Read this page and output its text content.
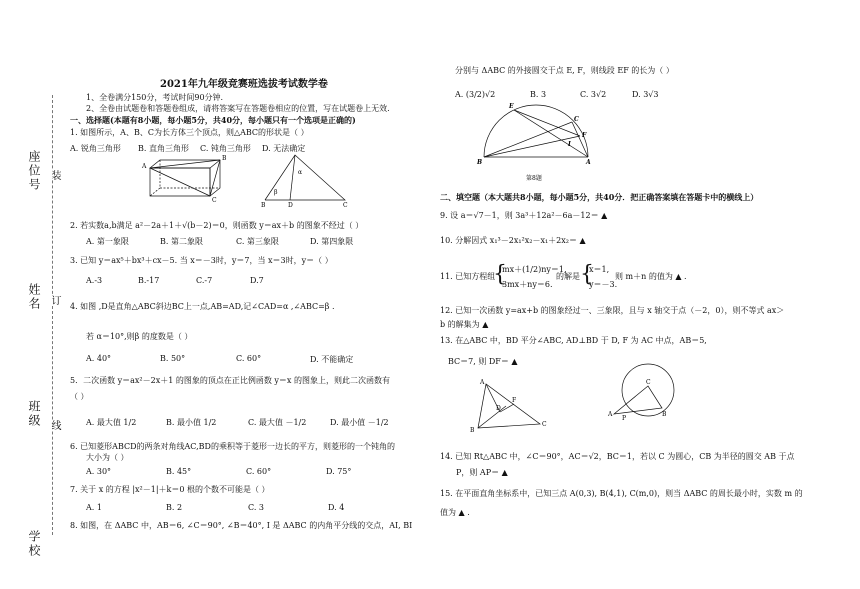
座位号
姓名
班级
学校
装
订
线
2021年九年级竞赛班选拔考试数学卷
1、全卷满分150分，考试时间90分钟.
2、全卷由试题卷和答题卷组成，请将答案写在答题卷相应的位置，写在试题卷上无效.
一、选择题(本题有8小题，每小题5分，共40分，每小题只有一个选项是正确的)
1. 如图所示，A、B、C为长方体三个顶点，则△ABC的形状是（ ）
A. 锐角三角形 B. 直角三角形 C. 钝角三角形 D. 无法确定
A
B
C
α
β
B	D	C
2. 若实数a,b满足 a²－2a＋1＋√(b－2)＝0，则函数 y＝ax＋b 的图象不经过（ ）
A. 第一象限	B. 第二象限	C. 第三象限	D. 第四象限
3. 已知 y＝ax⁵＋bx³＋cx－5. 当 x＝－3时，y＝7，当 x＝3时，y＝（ ）
A.-3	B.-17	C.-7	D.7
4. 如图 ,D是直角△ABC斜边BC上一点,AB=AD,记∠CAD=α ,∠ABC=β .
若 α＝10°,则β 的度数是（ ）
A. 40°	B. 50°	C. 60°	D. 不能确定
5．二次函数 y＝ax²－2x＋1 的图象的顶点在正比例函数 y＝x 的图象上，则此二次函数有
（ ）
A. 最大值 1/2	B. 最小值 1/2	C. 最大值 －1/2	D. 最小值 －1/2
6. 已知菱形ABCD的两条对角线AC,BD的乘积等于菱形一边长的平方，则菱形的一个钝角的
大小为（ ）
A. 30°	B. 45°	C. 60°	D. 75°
7. 关于 x 的方程 |x²－1|＋k＝0 根的个数不可能是（ ）
A. 1	B. 2	C. 3	D. 4
8. 如图，在 ΔABC 中，AB＝6, ∠C＝90°, ∠B＝40°, I 是 ΔABC 的内角平分线的交点，AI, BI
分别与 ΔABC 的外接圆交于点 E, F，则线段 EF 的长为（ ）
A. (3/2)√2	B. 3	C. 3√2	D. 3√3
E
C
F
I
B	A
第8题
二、填空题（本大题共8小题，每小题5分，共40分．把正确答案填在答题卡中的横线上）
9. 设 a＝√7－1，则 3a³＋12a²－6a－12＝ ▲
10. 分解因式 x₁³－2x₁²x₂－x₁＋2x₂＝ ▲
11. 已知方程组
{
mx＋(1/2)ny＝1,
3mx＋ny＝6.
的解是 {
x＝1,
y＝－3.
则 m＋n 的值为 ▲ .
12. 已知一次函数 y=ax+b 的图象经过一、三象限，且与 x 轴交于点（－2，0），则不等式 ax＞
b 的解集为 ▲
13. 在△ABC 中，BD 平分∠ABC, AD⊥BD 于 D, F 为 AC 中点，AB＝5,
BC＝7, 则 DF＝ ▲
A
D
F
B
C
C
A
P
B
14. 已知 Rt△ABC 中，∠C＝90°，AC＝√2，BC＝1，若以 C 为圆心，CB 为半径的圆交 AB 于点
P，则 AP＝ ▲
15. 在平面直角坐标系中，已知三点 A(0,3), B(4,1), C(m,0)，则当 ΔABC 的周长最小时，实数 m 的
值为 ▲ .
